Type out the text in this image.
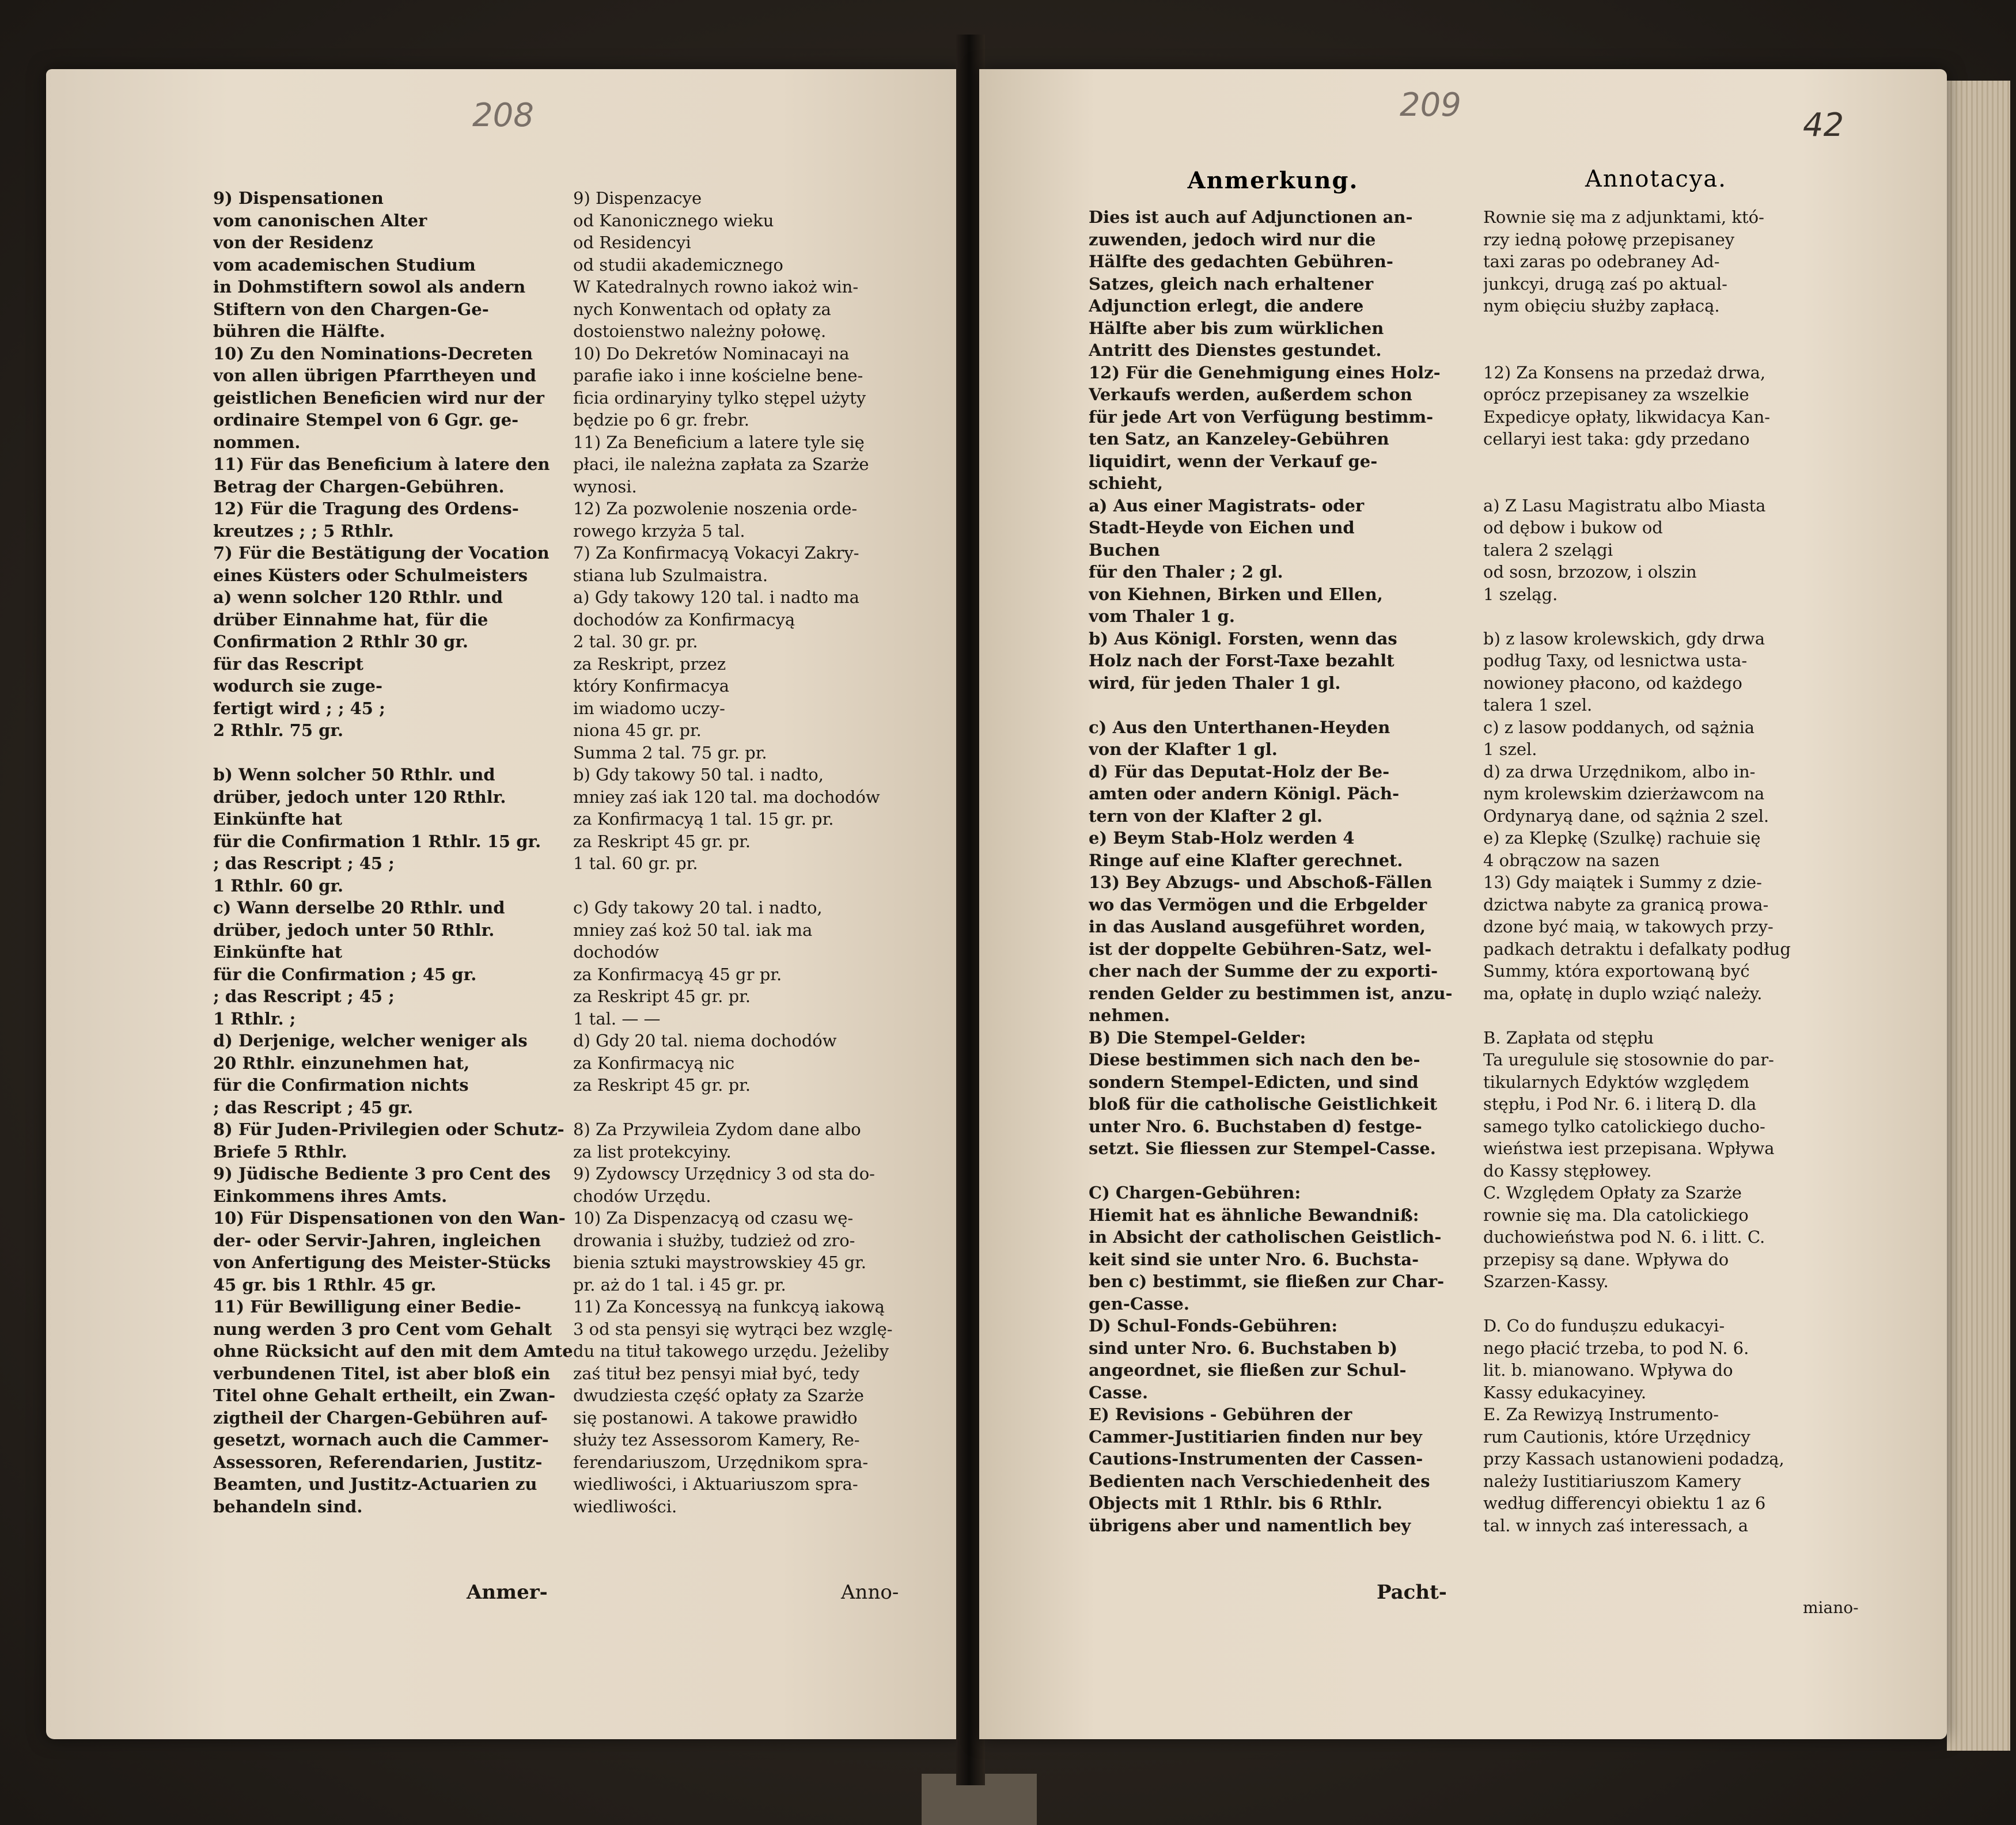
208
9) Dispensationen
vom canonischen Alter
von der Residenz
vom academischen Studium
in Dohmstiftern sowol als andern
Stiftern von den Chargen-Ge-
bühren die Hälfte.
10) Zu den Nominations-Decreten
von allen übrigen Pfarrtheyen und
geistlichen Beneficien wird nur der
ordinaire Stempel von 6 Ggr. ge-
nommen.
11) Für das Beneficium à latere den
Betrag der Chargen-Gebühren.
12) Für die Tragung des Ordens-
kreutzes ; ; 5 Rthlr.
7) Für die Bestätigung der Vocation
eines Küsters oder Schulmeisters
a) wenn solcher 120 Rthlr. und
drüber Einnahme hat, für die
Confirmation 2 Rthlr 30 gr.
für das Rescript
wodurch sie zuge-
fertigt wird ; ; 45 ;
2 Rthlr. 75 gr.

b) Wenn solcher 50 Rthlr. und
drüber, jedoch unter 120 Rthlr.
Einkünfte hat
für die Confirmation 1 Rthlr. 15 gr.
; das Rescript ; 45 ;
1 Rthlr. 60 gr.
c) Wann derselbe 20 Rthlr. und
drüber, jedoch unter 50 Rthlr.
Einkünfte hat
für die Confirmation ; 45 gr.
; das Rescript ; 45 ;
1 Rthlr. ;
d) Derjenige, welcher weniger als
20 Rthlr. einzunehmen hat,
für die Confirmation nichts
; das Rescript ; 45 gr.
8) Für Juden-Privilegien oder Schutz-
Briefe 5 Rthlr.
9) Jüdische Bediente 3 pro Cent des
Einkommens ihres Amts.
10) Für Dispensationen von den Wan-
der- oder Servir-Jahren, ingleichen
von Anfertigung des Meister-Stücks
45 gr. bis 1 Rthlr. 45 gr.
11) Für Bewilligung einer Bedie-
nung werden 3 pro Cent vom Gehalt
ohne Rücksicht auf den mit dem Amte
verbundenen Titel, ist aber bloß ein
Titel ohne Gehalt ertheilt, ein Zwan-
zigtheil der Chargen-Gebühren auf-
gesetzt, wornach auch die Cammer-
Assessoren, Referendarien, Justitz-
Beamten, und Justitz-Actuarien zu
behandeln sind.
Anmer-
9) Dispenzacye
od Kanonicznego wieku
od Residencyi
od studii akademicznego
W Katedralnych rowno iakoż win-
nych Konwentach od opłaty za
dostoienstwo należny połowę.
10) Do Dekretów Nominacayi na
parafie iako i inne kościelne bene-
ficia ordinaryiny tylko stępel użyty
będzie po 6 gr. frebr.
11) Za Beneficium a latere tyle się
płaci, ile należna zapłata za Szarże
wynosi.
12) Za pozwolenie noszenia orde-
rowego krzyża 5 tal.
7) Za Konfirmacyą Vokacyi Zakry-
stiana lub Szulmaistra.
a) Gdy takowy 120 tal. i nadto ma
dochodów za Konfirmacyą
2 tal. 30 gr. pr.
za Reskript, przez
który Konfirmacya
im wiadomo uczy-
niona 45 gr. pr.
Summa 2 tal. 75 gr. pr.
b) Gdy takowy 50 tal. i nadto,
mniey zaś iak 120 tal. ma dochodów
za Konfirmacyą 1 tal. 15 gr. pr.
za Reskript 45 gr. pr.
1 tal. 60 gr. pr.

c) Gdy takowy 20 tal. i nadto,
mniey zaś koż 50 tal. iak ma
dochodów
za Konfirmacyą 45 gr pr.
za Reskript 45 gr. pr.
1 tal. — —
d) Gdy 20 tal. niema dochodów
za Konfirmacyą nic
za Reskript 45 gr. pr.

8) Za Przywileia Zydom dane albo
za list protekcyiny.
9) Zydowscy Urzędnicy 3 od sta do-
chodów Urzędu.
10) Za Dispenzacyą od czasu wę-
drowania i służby, tudzież od zro-
bienia sztuki maystrowskiey 45 gr.
pr. aż do 1 tal. i 45 gr. pr.
11) Za Koncessyą na funkcyą iakową
3 od sta pensyi się wytrąci bez wzglę-
du na tituł takowego urzędu. Jeżeliby
zaś tituł bez pensyi miał być, tedy
dwudziesta część opłaty za Szarże
się postanowi. A takowe prawidło
służy tez Assessorom Kamery, Re-
ferendariuszom, Urzędnikom spra-
wiedliwości, i Aktuariuszom spra-
wiedliwości.
Anno-
209
42
Anmerkung.
Dies ist auch auf Adjunctionen an-
zuwenden, jedoch wird nur die
Hälfte des gedachten Gebühren-
Satzes, gleich nach erhaltener
Adjunction erlegt, die andere
Hälfte aber bis zum würklichen
Antritt des Dienstes gestundet.
12) Für die Genehmigung eines Holz-
Verkaufs werden, außerdem schon
für jede Art von Verfügung bestimm-
ten Satz, an Kanzeley-Gebühren
liquidirt, wenn der Verkauf ge-
schieht,
a) Aus einer Magistrats- oder
Stadt-Heyde von Eichen und
Buchen
für den Thaler ; 2 gl.
von Kiehnen, Birken und Ellen,
vom Thaler 1 g.
b) Aus Königl. Forsten, wenn das
Holz nach der Forst-Taxe bezahlt
wird, für jeden Thaler 1 gl.

c) Aus den Unterthanen-Heyden
von der Klafter 1 gl.
d) Für das Deputat-Holz der Be-
amten oder andern Königl. Päch-
tern von der Klafter 2 gl.
e) Beym Stab-Holz werden 4
Ringe auf eine Klafter gerechnet.
13) Bey Abzugs- und Abschoß-Fällen
wo das Vermögen und die Erbgelder
in das Ausland ausgeführet worden,
ist der doppelte Gebühren-Satz, wel-
cher nach der Summe der zu exporti-
renden Gelder zu bestimmen ist, anzu-
nehmen.
B) Die Stempel-Gelder:
Diese bestimmen sich nach den be-
sondern Stempel-Edicten, und sind
bloß für die catholische Geistlichkeit
unter Nro. 6. Buchstaben d) festge-
setzt. Sie fliessen zur Stempel-Casse.

C) Chargen-Gebühren:
Hiemit hat es ähnliche Bewandniß:
in Absicht der catholischen Geistlich-
keit sind sie unter Nro. 6. Buchsta-
ben c) bestimmt, sie fließen zur Char-
gen-Casse.
D) Schul-Fonds-Gebühren:
sind unter Nro. 6. Buchstaben b)
angeordnet, sie fließen zur Schul-
Casse.
E) Revisions - Gebühren der
Cammer-Justitiarien finden nur bey
Cautions-Instrumenten der Cassen-
Bedienten nach Verschiedenheit des
Objects mit 1 Rthlr. bis 6 Rthlr.
übrigens aber und namentlich bey
Pacht-
Annotacya.
Rownie się ma z adjunktami, któ-
rzy iedną połowę przepisaney
taxi zaras po odebraney Ad-
junkcyi, drugą zaś po aktual-
nym obięciu służby zapłacą.

12) Za Konsens na przedaż drwa,
oprócz przepisaney za wszelkie
Expedicye opłaty, likwidacya Kan-
cellaryi iest taka: gdy przedano

a) Z Lasu Magistratu albo Miasta
od dębow i bukow od
talera 2 szelągi
od sosn, brzozow, i olszin
1 szeląg.

b) z lasow krolewskich, gdy drwa
podług Taxy, od lesnictwa usta-
nowioney płacono, od każdego
talera 1 szel.
c) z lasow poddanych, od sążnia
1 szel.
d) za drwa Urzędnikom, albo in-
nym krolewskim dzierżawcom na
Ordynaryą dane, od sążnia 2 szel.
e) za Klepkę (Szulkę) rachuie się
4 obrączow na sazen
13) Gdy maiątek i Summy z dzie-
dzictwa nabyte za granicą prowa-
dzone być maią, w takowych przy-
padkach detraktu i defalkaty podług
Summy, która exportowaną być
ma, opłatę in duplo wziąć należy.

B. Zapłata od stępłu
Ta uregulule się stosownie do par-
tikularnych Edyktów względem
stępłu, i Pod Nr. 6. i literą D. dla
samego tylko catolickiego ducho-
wieństwa iest przepisana. Wpływa
do Kassy stępłowey.
C. Względem Opłaty za Szarże
rownie się ma. Dla catolickiego
duchowieństwa pod N. 6. i litt. C.
przepisy są dane. Wpływa do
Szarzen-Kassy.

D. Co do fundușzu edukacyi-
nego płacić trzeba, to pod N. 6.
lit. b. mianowano. Wpływa do
Kassy edukacyiney.
E. Za Rewizyą Instrumento-
rum Cautionis, które Urzędnicy
przy Kassach ustanowieni podadzą,
należy Iustitiariuszom Kamery
według differencyi obiektu 1 az 6
tal. w innych zaś interessach, a
miano-
